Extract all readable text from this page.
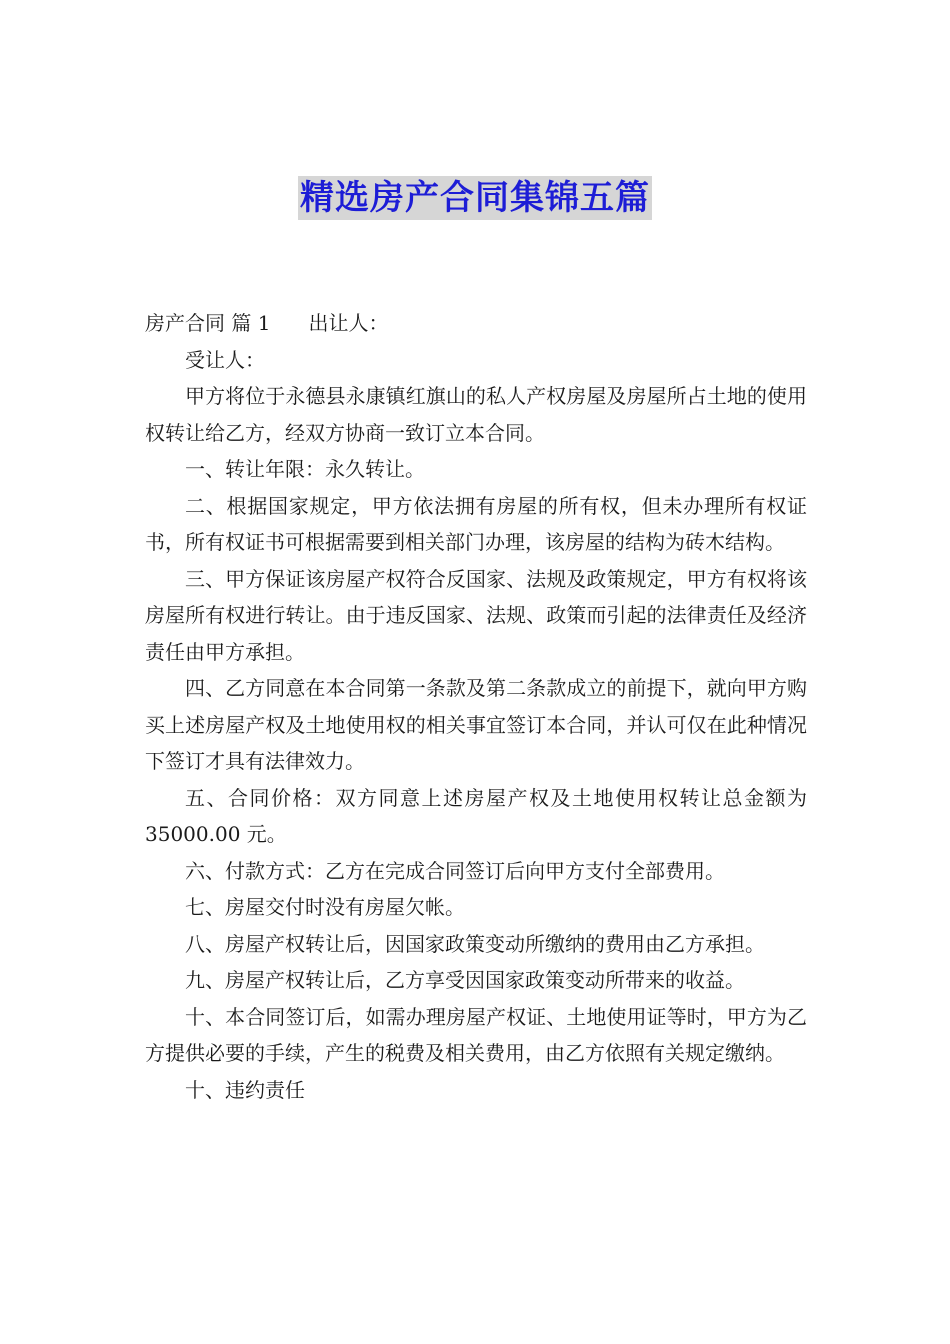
精选房产合同集锦五篇

房产合同 篇 1 出让人：

受让人：

甲方将位于永德县永康镇红旗山的私人产权房屋及房屋所占土地的使用权转让给乙方，经双方协商一致订立本合同。

一、转让年限：永久转让。

二、根据国家规定，甲方依法拥有房屋的所有权，但未办理所有权证书，所有权证书可根据需要到相关部门办理，该房屋的结构为砖木结构。

三、甲方保证该房屋产权符合反国家、法规及政策规定，甲方有权将该房屋所有权进行转让。由于违反国家、法规、政策而引起的法律责任及经济责任由甲方承担。

四、乙方同意在本合同第一条款及第二条款成立的前提下，就向甲方购买上述房屋产权及土地使用权的相关事宜签订本合同，并认可仅在此种情况下签订才具有法律效力。

五、合同价格：双方同意上述房屋产权及土地使用权转让总金额为 35000.00 元。

六、付款方式：乙方在完成合同签订后向甲方支付全部费用。

七、房屋交付时没有房屋欠帐。

八、房屋产权转让后，因国家政策变动所缴纳的费用由乙方承担。

九、房屋产权转让后，乙方享受因国家政策变动所带来的收益。

十、本合同签订后，如需办理房屋产权证、土地使用证等时，甲方为乙方提供必要的手续，产生的税费及相关费用，由乙方依照有关规定缴纳。

十、违约责任
